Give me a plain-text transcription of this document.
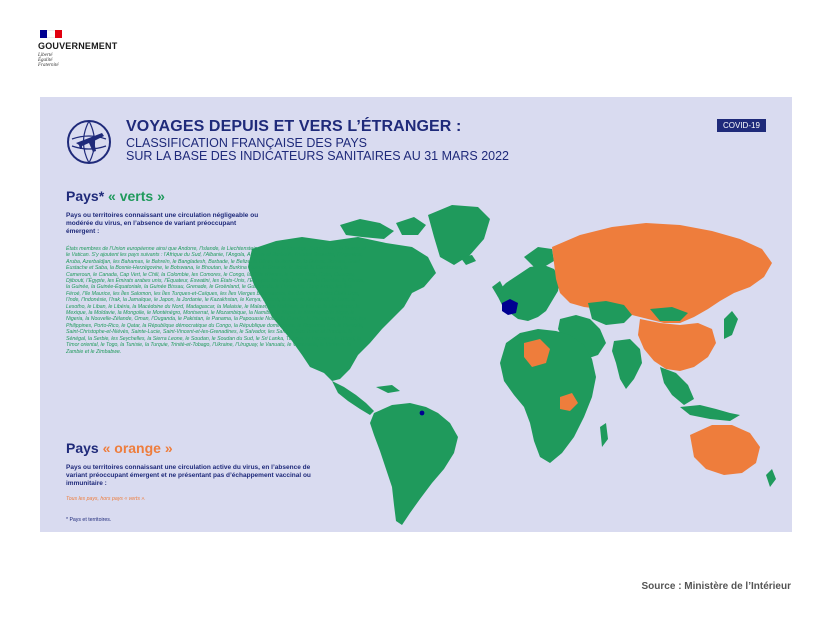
GOUVERNEMENT
Liberté
Égalité
Fraternité
VOYAGES DEPUIS ET VERS L’ÉTRANGER :
CLASSIFICATION FRANÇAISE DES PAYS
SUR LA BASE DES INDICATEURS SANITAIRES AU 31 MARS 2022
COVID-19
Pays* « verts »
Pays ou territoires connaissant une circulation négligeable ou modérée du virus, en l’absence de variant préoccupant émergent :
États membres de l’Union européenne ainsi que Andorre, l’Islande, le Liechtenstein, Monaco, la Norvège, Saint-Marin, la Suisse et le Vatican. S’y ajoutent les pays suivants : l’Afrique du Sud, l’Albanie, l’Angola, Antigua-et-Barbuda, l’Arabie Saoudite, l’Argentine, Aruba, Azerbaïdjan, les Bahamas, le Bahreïn, le Bangladesh, Barbade, le Belize, le Bénin, la Birmanie, la Bolivie, Bonaire, Saint-Eustache et Saba, la Bosnie-Herzégovine, le Botswana, le Bhoutan, le Burkina Faso, le Burundi, le Brésil, le Cambodge, le Cameroun, le Canada, Cap Vert, le Chili, la Colombie, les Comores, le Congo, la Côte d’Ivoire, le Costa-Rica, Cuba, Curaçao, Djibouti, l’Égypte, les Émirats arabes unis, l’Équateur, Eswatini, les États-Unis, l’Éthiopie, les Fidji, le Gabon, la Gambie, le Ghana, la Guinée, la Guinée-Équatoriale, la Guinée Bissau, Grenade, le Groënland, le Guatemala, le Honduras, Hong-Kong, les Îles Féroé, l’île Maurice, les Îles Salomon, les Îles Turques-et-Caïques, les Îles Vierges britanniques, les Îles Vierges des États-Unis, l’Inde, l’Indonésie, l’Irak, la Jamaïque, le Japon, la Jordanie, le Kazakhstan, le Kenya, Kiribati, le Kosovo, le Koweït, le Laos, le Lesotho, le Liban, le Libéria, la Macédoine du Nord, Madagascar, la Malaisie, le Malawi, les Maldives, le Maroc, la Mauritanie, le Mexique, la Moldavie, la Mongolie, le Monténégro, Montserrat, le Mozambique, la Namibie, le Népal, le Nicaragua, le Niger, le Nigeria, la Nouvelle-Zélande, Oman, l’Ouganda, le Pakistan, le Panama, la Papouasie Nouvelle-Guinée, le Paraguay, le Pérou, les Philippines, Porto-Rico, le Qatar, la République démocratique du Congo, la République dominicaine, le Royaume-Uni, le Rwanda, Saint-Christophe-et-Niévès, Sainte-Lucie, Saint-Vincent-et-les-Grenadines, le Salvador, les Samoa, Sao Tomé-et-Principe, le Sénégal, la Serbie, les Seychelles, la Sierra Leone, le Soudan, le Soudan du Sud, le Sri Lanka, Taïwan, la Tanzanie, le Tchad, le Timor oriental, le Togo, la Tunisie, la Turquie, Trinité-et-Tobago, l’Ukraine, l’Uruguay, le Vanuatu, le Venezuela, le Vietnam, la Zambie et le Zimbabwe.
Pays « orange »
Pays ou territoires connaissant une circulation active du virus, en l’absence de variant préoccupant émergent et ne présentant pas d’échappement vaccinal ou immunitaire :
Tous les pays, hors pays « verts ».
* Pays et territoires.
Source : Ministère de l’Intérieur
